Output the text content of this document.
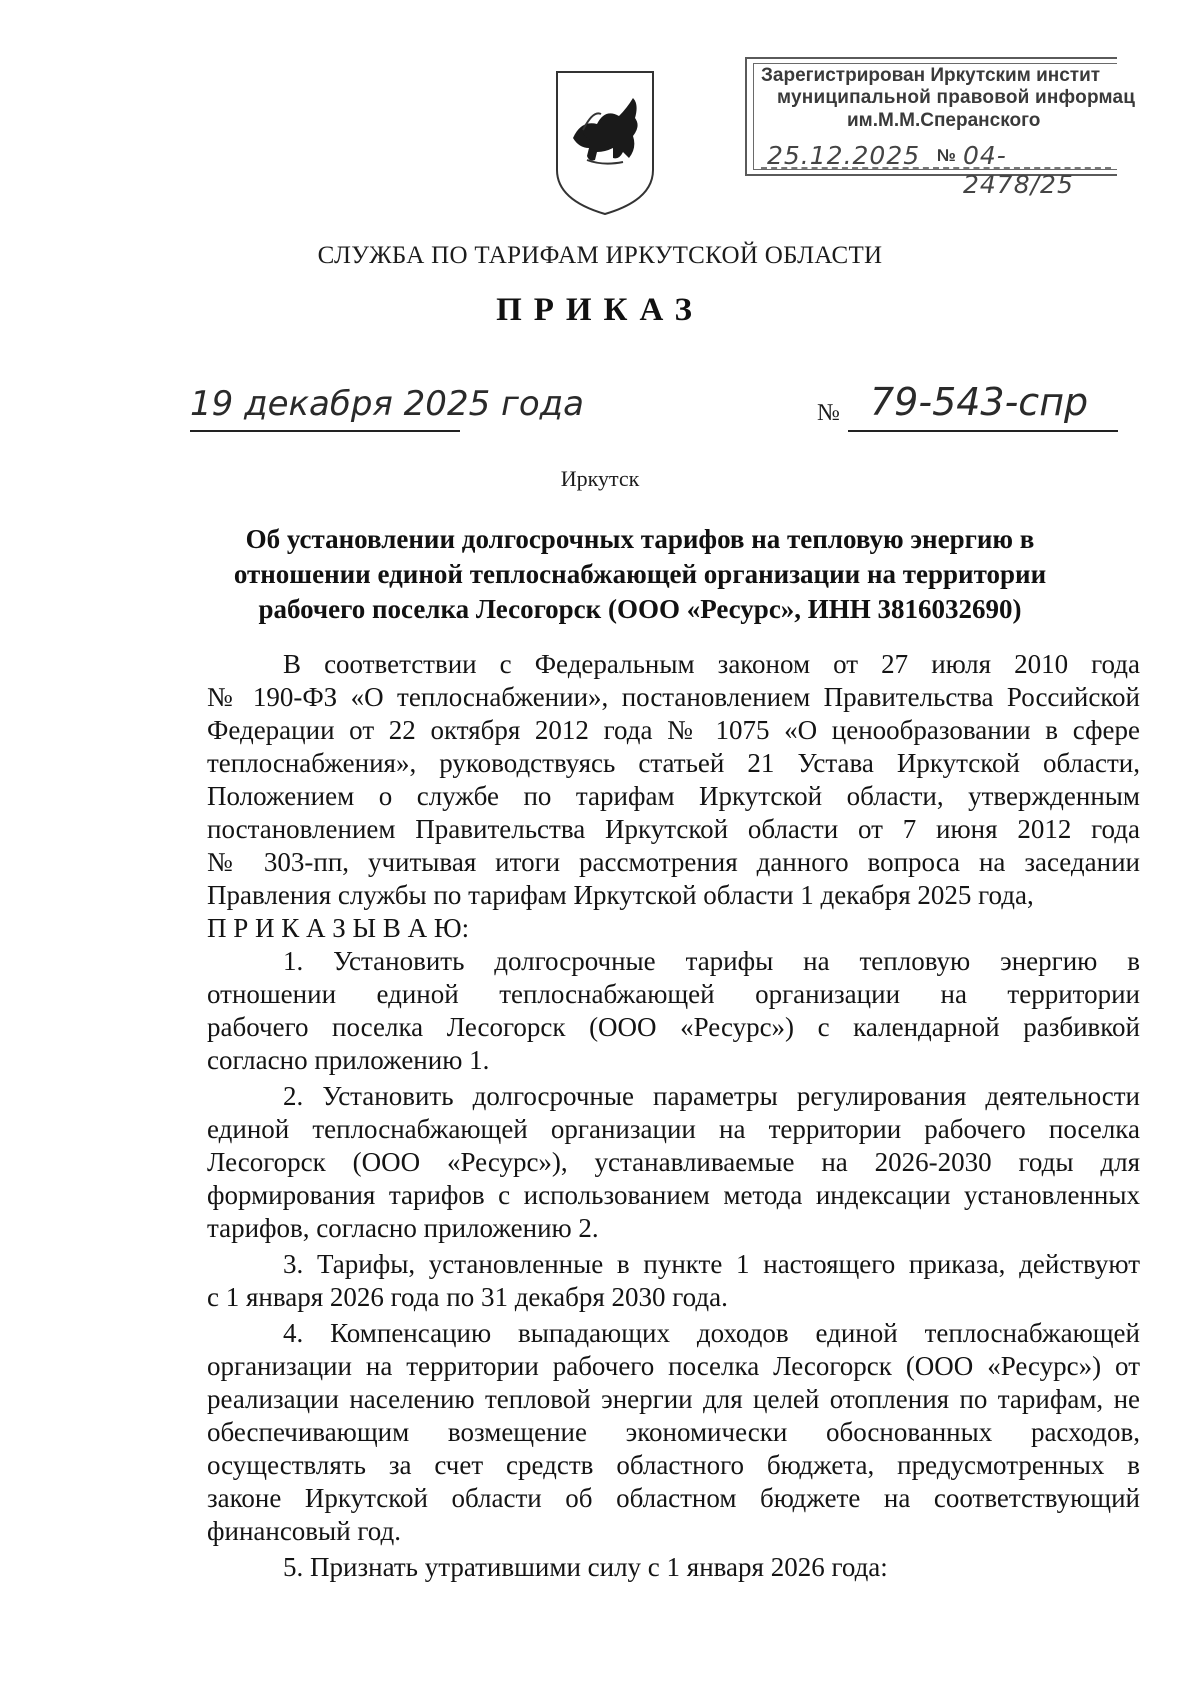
Зарегистрирован Иркутским инстит
муниципальной правовой информац
им.М.М.Сперанского
25.12.2025 № 04-2478/25
СЛУЖБА ПО ТАРИФАМ ИРКУТСКОЙ ОБЛАСТИ
ПРИКАЗ
19 декабря 2025 года	№ 79-543-спр
Иркутск
Об установлении долгосрочных тарифов на тепловую энергию в отношении единой теплоснабжающей организации на территории рабочего поселка Лесогорск (ООО «Ресурс», ИНН 3816032690)
В соответствии с Федеральным законом от 27 июля 2010 года
№ 190-ФЗ «О теплоснабжении», постановлением Правительства Российской
Федерации от 22 октября 2012 года № 1075 «О ценообразовании в сфере
теплоснабжения», руководствуясь статьей 21 Устава Иркутской области,
Положением о службе по тарифам Иркутской области, утвержденным
постановлением Правительства Иркутской области от 7 июня 2012 года
№ 303-пп, учитывая итоги рассмотрения данного вопроса на заседании
Правления службы по тарифам Иркутской области 1 декабря 2025 года,
П Р И К А З Ы В А Ю:
1. Установить долгосрочные тарифы на тепловую энергию в
отношении единой теплоснабжающей организации на территории
рабочего поселка Лесогорск (ООО «Ресурс») с календарной разбивкой
согласно приложению 1.
2. Установить долгосрочные параметры регулирования деятельности
единой теплоснабжающей организации на территории рабочего поселка
Лесогорск (ООО «Ресурс»), устанавливаемые на 2026-2030 годы для
формирования тарифов с использованием метода индексации установленных
тарифов, согласно приложению 2.
3. Тарифы, установленные в пункте 1 настоящего приказа, действуют
с 1 января 2026 года по 31 декабря 2030 года.
4. Компенсацию выпадающих доходов единой теплоснабжающей
организации на территории рабочего поселка Лесогорск (ООО «Ресурс») от
реализации населению тепловой энергии для целей отопления по тарифам, не
обеспечивающим возмещение экономически обоснованных расходов,
осуществлять за счет средств областного бюджета, предусмотренных в
законе Иркутской области об областном бюджете на соответствующий
финансовый год.
5. Признать утратившими силу с 1 января 2026 года:
